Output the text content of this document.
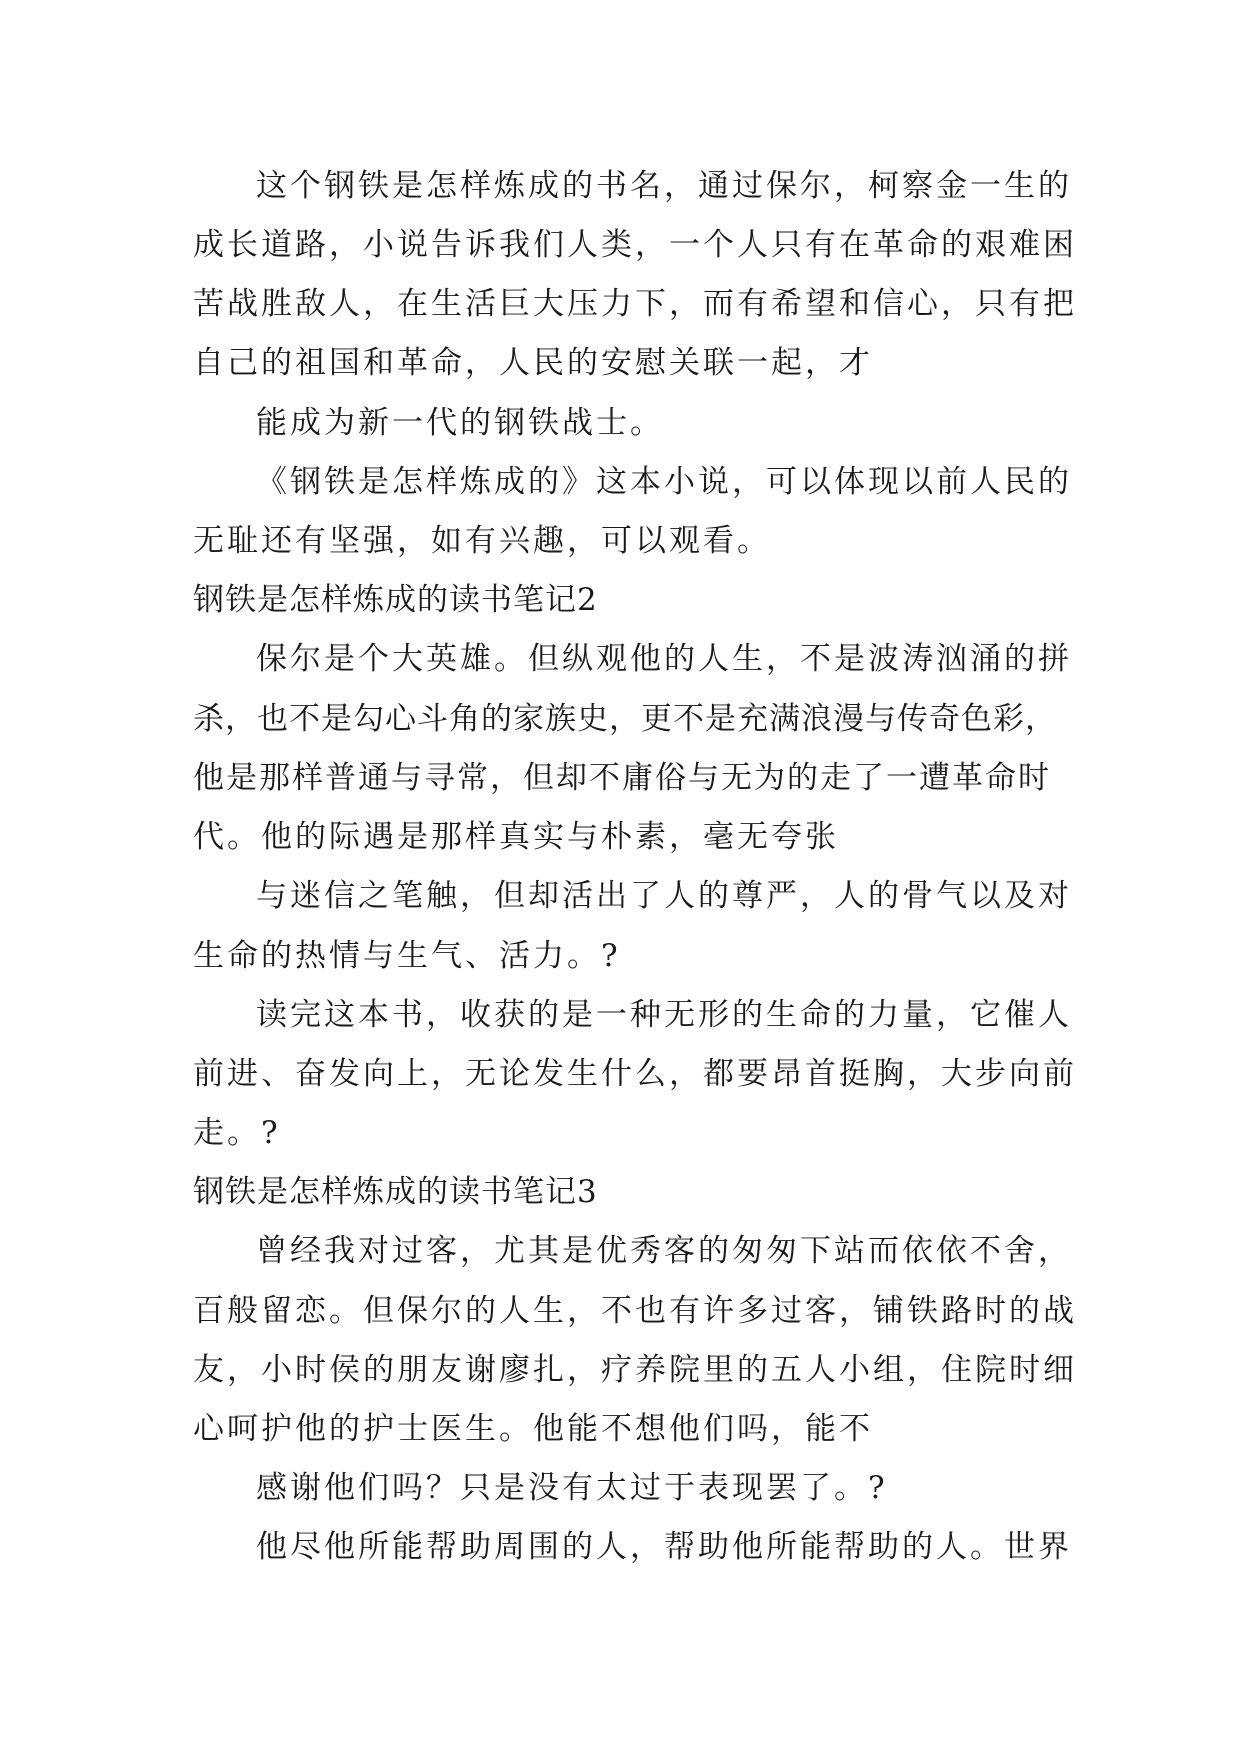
这个钢铁是怎样炼成的书名，通过保尔，柯察金一生的
成长道路，小说告诉我们人类，一个人只有在革命的艰难困
苦战胜敌人，在生活巨大压力下，而有希望和信心，只有把
自己的祖国和革命，人民的安慰关联一起，才
能成为新一代的钢铁战士。
《钢铁是怎样炼成的》这本小说，可以体现以前人民的
无耻还有坚强，如有兴趣，可以观看。
钢铁是怎样炼成的读书笔记2
保尔是个大英雄。但纵观他的人生，不是波涛汹涌的拼
杀，也不是勾心斗角的家族史，更不是充满浪漫与传奇色彩，
他是那样普通与寻常，但却不庸俗与无为的走了一遭革命时
代。他的际遇是那样真实与朴素，毫无夸张
与迷信之笔触，但却活出了人的尊严，人的骨气以及对
生命的热情与生气、活力。?
读完这本书，收获的是一种无形的生命的力量，它催人
前进、奋发向上，无论发生什么，都要昂首挺胸，大步向前
走。?
钢铁是怎样炼成的读书笔记3
曾经我对过客，尤其是优秀客的匆匆下站而依依不舍，
百般留恋。但保尔的人生，不也有许多过客，铺铁路时的战
友，小时侯的朋友谢廖扎，疗养院里的五人小组，住院时细
心呵护他的护士医生。他能不想他们吗，能不
感谢他们吗？只是没有太过于表现罢了。?
他尽他所能帮助周围的人，帮助他所能帮助的人。世界
